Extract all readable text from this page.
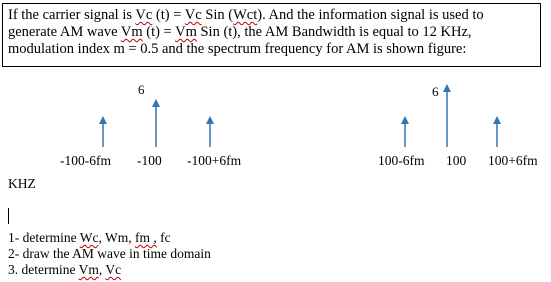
If the carrier signal is Vc (t) = Vc Sin (Wct). And the information signal is used to
generate AM wave Vm (t) = Vm Sin (t), the AM Bandwidth is equal to 12 KHz,
modulation index m = 0.5 and the spectrum frequency for AM is shown figure:

6	6
-100-6fm -100 -100+6fm	100-6fm 100 100+6fm
KHZ
1- determine Wc, Wm, fm , fc
2- draw the AM wave in time domain
3. determine Vm, Vc
